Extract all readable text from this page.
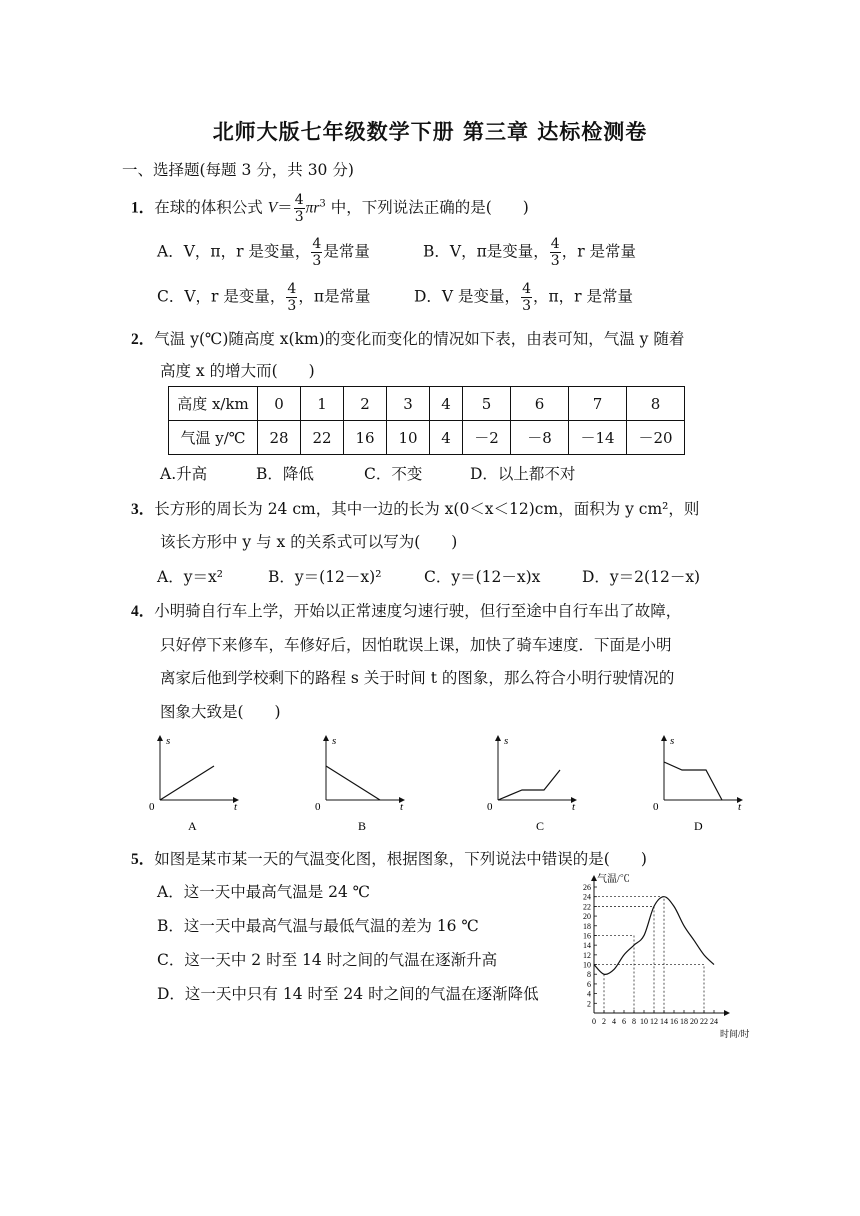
北师大版七年级数学下册 第三章 达标检测卷
一、选择题(每题 3 分，共 30 分)
1．在球的体积公式 $V= \frac{4}{3} \pi r^3$ 中，下列说法正确的是(　　)
A．V，π，r 是变量， $\frac{4}{3}$ 是常量	B．V，π是变量， $\frac{4}{3}$ ，r 是常量
C．V，r 是变量， $\frac{4}{3}$ ，π是常量	D．V 是变量， $\frac{4}{3}$ ，π，r 是常量
2．气温 y(℃)随高度 x(km)的变化而变化的情况如下表，由表可知，气温 y 随着
高度 x 的增大而(　　)
高度 x/km	0	1	2	3	4	5	6	7	8
气温 y/℃	28	22	16	10	4	－2	－8	－14	－20
A.升高	B．降低	C．不变	D．以上都不对
3．长方形的周长为 24 cm，其中一边的长为 x(0＜x＜12)cm，面积为 y cm²，则
该长方形中 y 与 x 的关系式可以写为(　　)
A．y＝x²	B．y＝(12－x)²	C．y＝(12－x)x	D．y＝2(12－x)
4．小明骑自行车上学，开始以正常速度匀速行驶，但行至途中自行车出了故障，
只好停下来修车，车修好后，因怕耽误上课，加快了骑车速度．下面是小明
离家后他到学校剩下的路程 s 关于时间 t 的图象，那么符合小明行驶情况的
图象大致是(　　)
s
t
0
A
s
t
0
B
s
t
0
C
s
t
0
D
5．如图是某市某一天的气温变化图，根据图象，下列说法中错误的是(　　)
A．这一天中最高气温是 24 ℃
B．这一天中最高气温与最低气温的差为 16 ℃
C．这一天中 2 时至 14 时之间的气温在逐渐升高
D．这一天中只有 14 时至 24 时之间的气温在逐渐降低
2
4
6
8
10
12
14
16
18
20
22
24
26
0 2 4 6 8 10 12 14 16 18 20 22 24
气温/℃
时间/时
